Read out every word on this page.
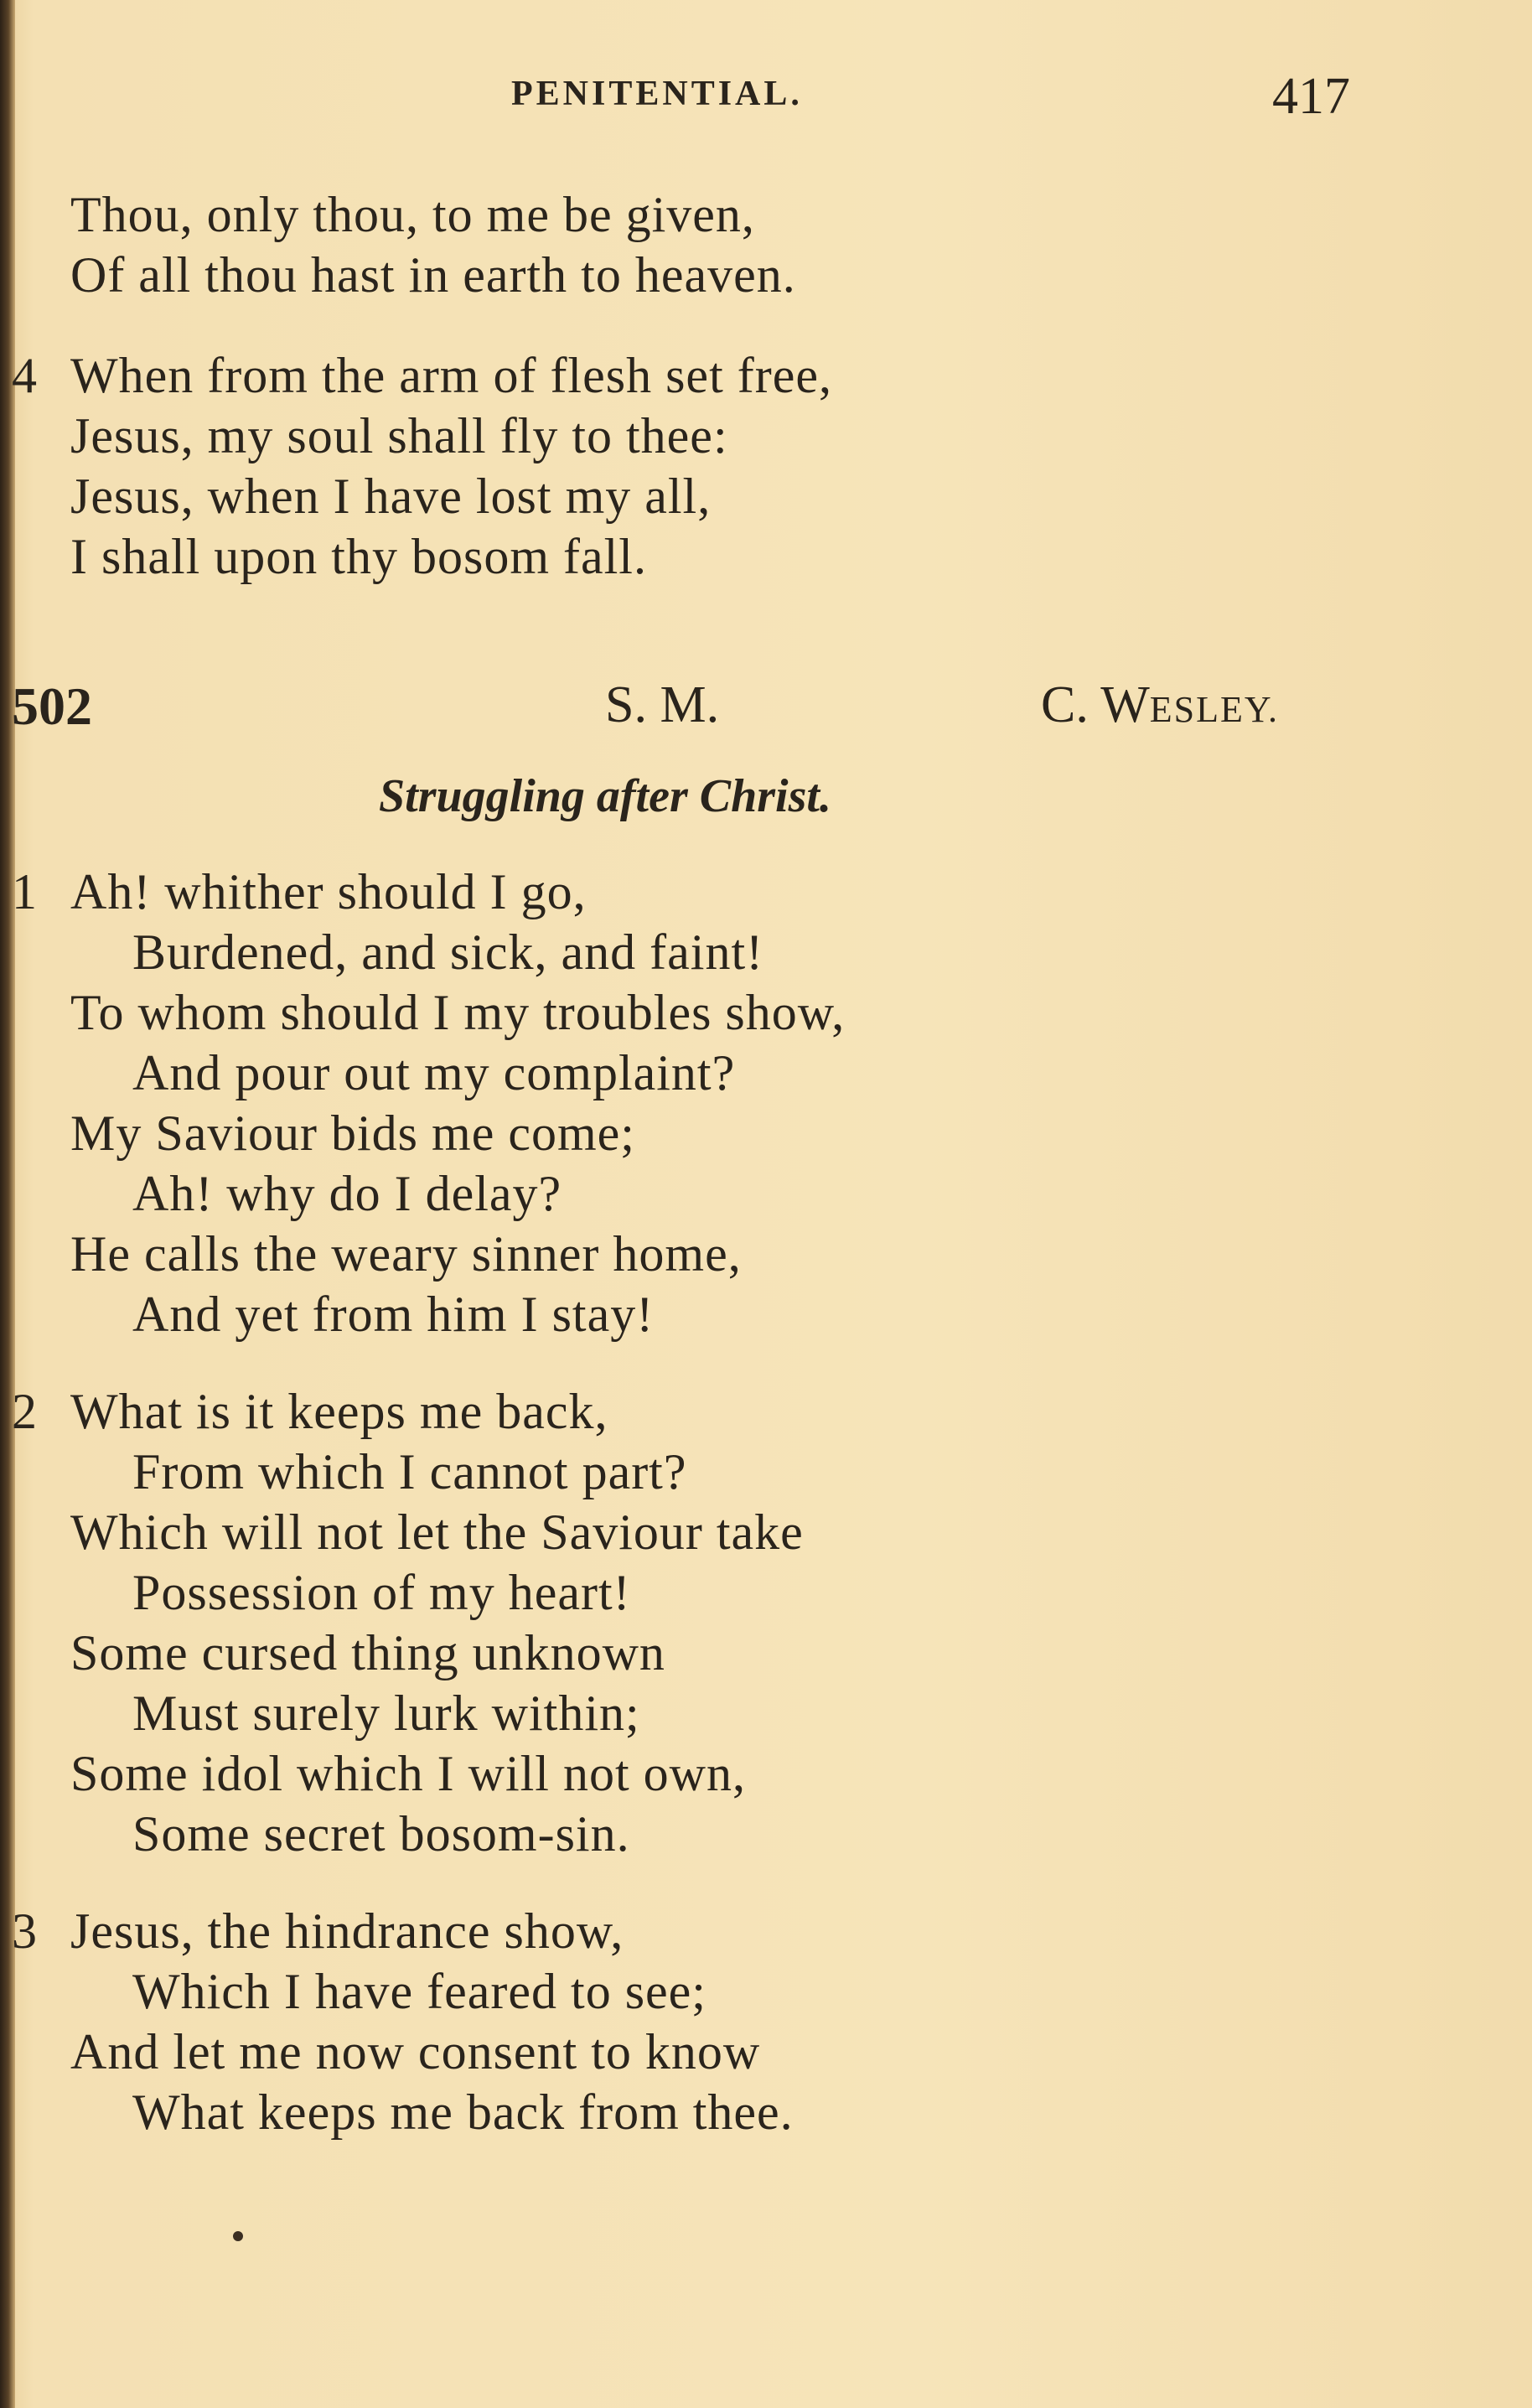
PENITENTIAL.	417
Thou, only thou, to me be given,
Of all thou hast in earth to heaven.
4 When from the arm of flesh set free,
Jesus, my soul shall fly to thee:
Jesus, when I have lost my all,
I shall upon thy bosom fall.
502	S. M.	C. WESLEY.
Struggling after Christ.
1 Ah! whither should I go,
Burdened, and sick, and faint!
To whom should I my troubles show,
And pour out my complaint?
My Saviour bids me come;
Ah! why do I delay?
He calls the weary sinner home,
And yet from him I stay!
2 What is it keeps me back,
From which I cannot part?
Which will not let the Saviour take
Possession of my heart!
Some cursed thing unknown
Must surely lurk within;
Some idol which I will not own,
Some secret bosom-sin.
3 Jesus, the hindrance show,
Which I have feared to see;
And let me now consent to know
What keeps me back from thee.
